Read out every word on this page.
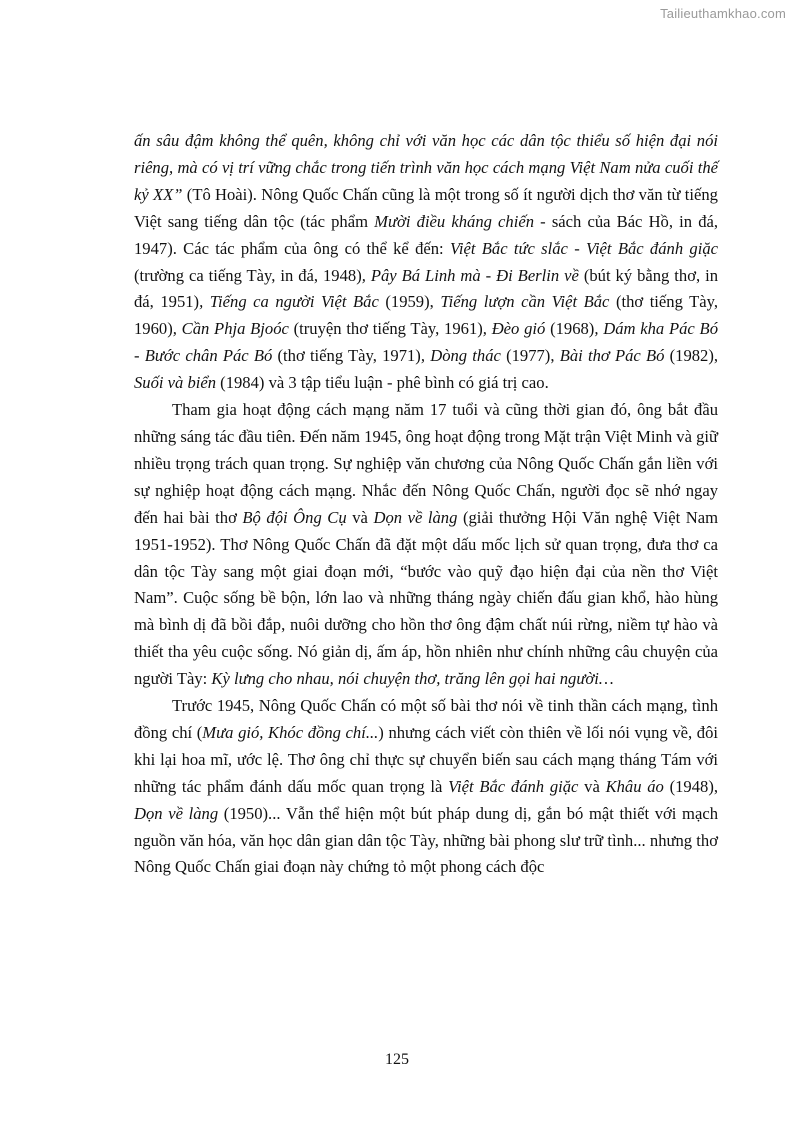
Tailieuthamkhao.com

ấn sâu đậm không thể quên, không chỉ với văn học các dân tộc thiểu số hiện đại nói riêng, mà có vị trí vững chắc trong tiến trình văn học cách mạng Việt Nam nửa cuối thế kỷ XX” (Tô Hoài). Nông Quốc Chấn cũng là một trong số ít người dịch thơ văn từ tiếng Việt sang tiếng dân tộc (tác phẩm Mười điều kháng chiến - sách của Bác Hồ, in đá, 1947). Các tác phẩm của ông có thể kể đến: Việt Bắc tức slắc - Việt Bắc đánh giặc (trường ca tiếng Tày, in đá, 1948), Pây Bá Linh mà - Đi Berlin về (bút ký bằng thơ, in đá, 1951), Tiếng ca người Việt Bắc (1959), Tiếng lượn cần Việt Bắc (thơ tiếng Tày, 1960), Cần Phja Bjoóc (truyện thơ tiếng Tày, 1961), Đèo gió (1968), Dám kha Pác Bó - Bước chân Pác Bó (thơ tiếng Tày, 1971), Dòng thác (1977), Bài thơ Pác Bó (1982), Suối và biển (1984) và 3 tập tiểu luận - phê bình có giá trị cao.

Tham gia hoạt động cách mạng năm 17 tuổi và cũng thời gian đó, ông bắt đầu những sáng tác đầu tiên. Đến năm 1945, ông hoạt động trong Mặt trận Việt Minh và giữ nhiều trọng trách quan trọng. Sự nghiệp văn chương của Nông Quốc Chấn gắn liền với sự nghiệp hoạt động cách mạng. Nhắc đến Nông Quốc Chấn, người đọc sẽ nhớ ngay đến hai bài thơ Bộ đội Ông Cụ và Dọn về làng (giải thưởng Hội Văn nghệ Việt Nam 1951-1952). Thơ Nông Quốc Chấn đã đặt một dấu mốc lịch sử quan trọng, đưa thơ ca dân tộc Tày sang một giai đoạn mới, “bước vào quỹ đạo hiện đại của nền thơ Việt Nam”. Cuộc sống bề bộn, lớn lao và những tháng ngày chiến đấu gian khổ, hào hùng mà bình dị đã bồi đắp, nuôi dưỡng cho hồn thơ ông đậm chất núi rừng, niềm tự hào và thiết tha yêu cuộc sống. Nó giản dị, ấm áp, hồn nhiên như chính những câu chuyện của người Tày: Kỳ lưng cho nhau, nói chuyện thơ, trăng lên gọi hai người…

Trước 1945, Nông Quốc Chấn có một số bài thơ nói về tinh thần cách mạng, tình đồng chí (Mưa gió, Khóc đồng chí...) nhưng cách viết còn thiên về lối nói vụng về, đôi khi lại hoa mĩ, ước lệ. Thơ ông chỉ thực sự chuyển biến sau cách mạng tháng Tám với những tác phẩm đánh dấu mốc quan trọng là Việt Bắc đánh giặc và Khâu áo (1948), Dọn về làng (1950)... Vẫn thể hiện một bút pháp dung dị, gắn bó mật thiết với mạch nguồn văn hóa, văn học dân gian dân tộc Tày, những bài phong slư trữ tình... nhưng thơ Nông Quốc Chấn giai đoạn này chứng tỏ một phong cách độc

125
